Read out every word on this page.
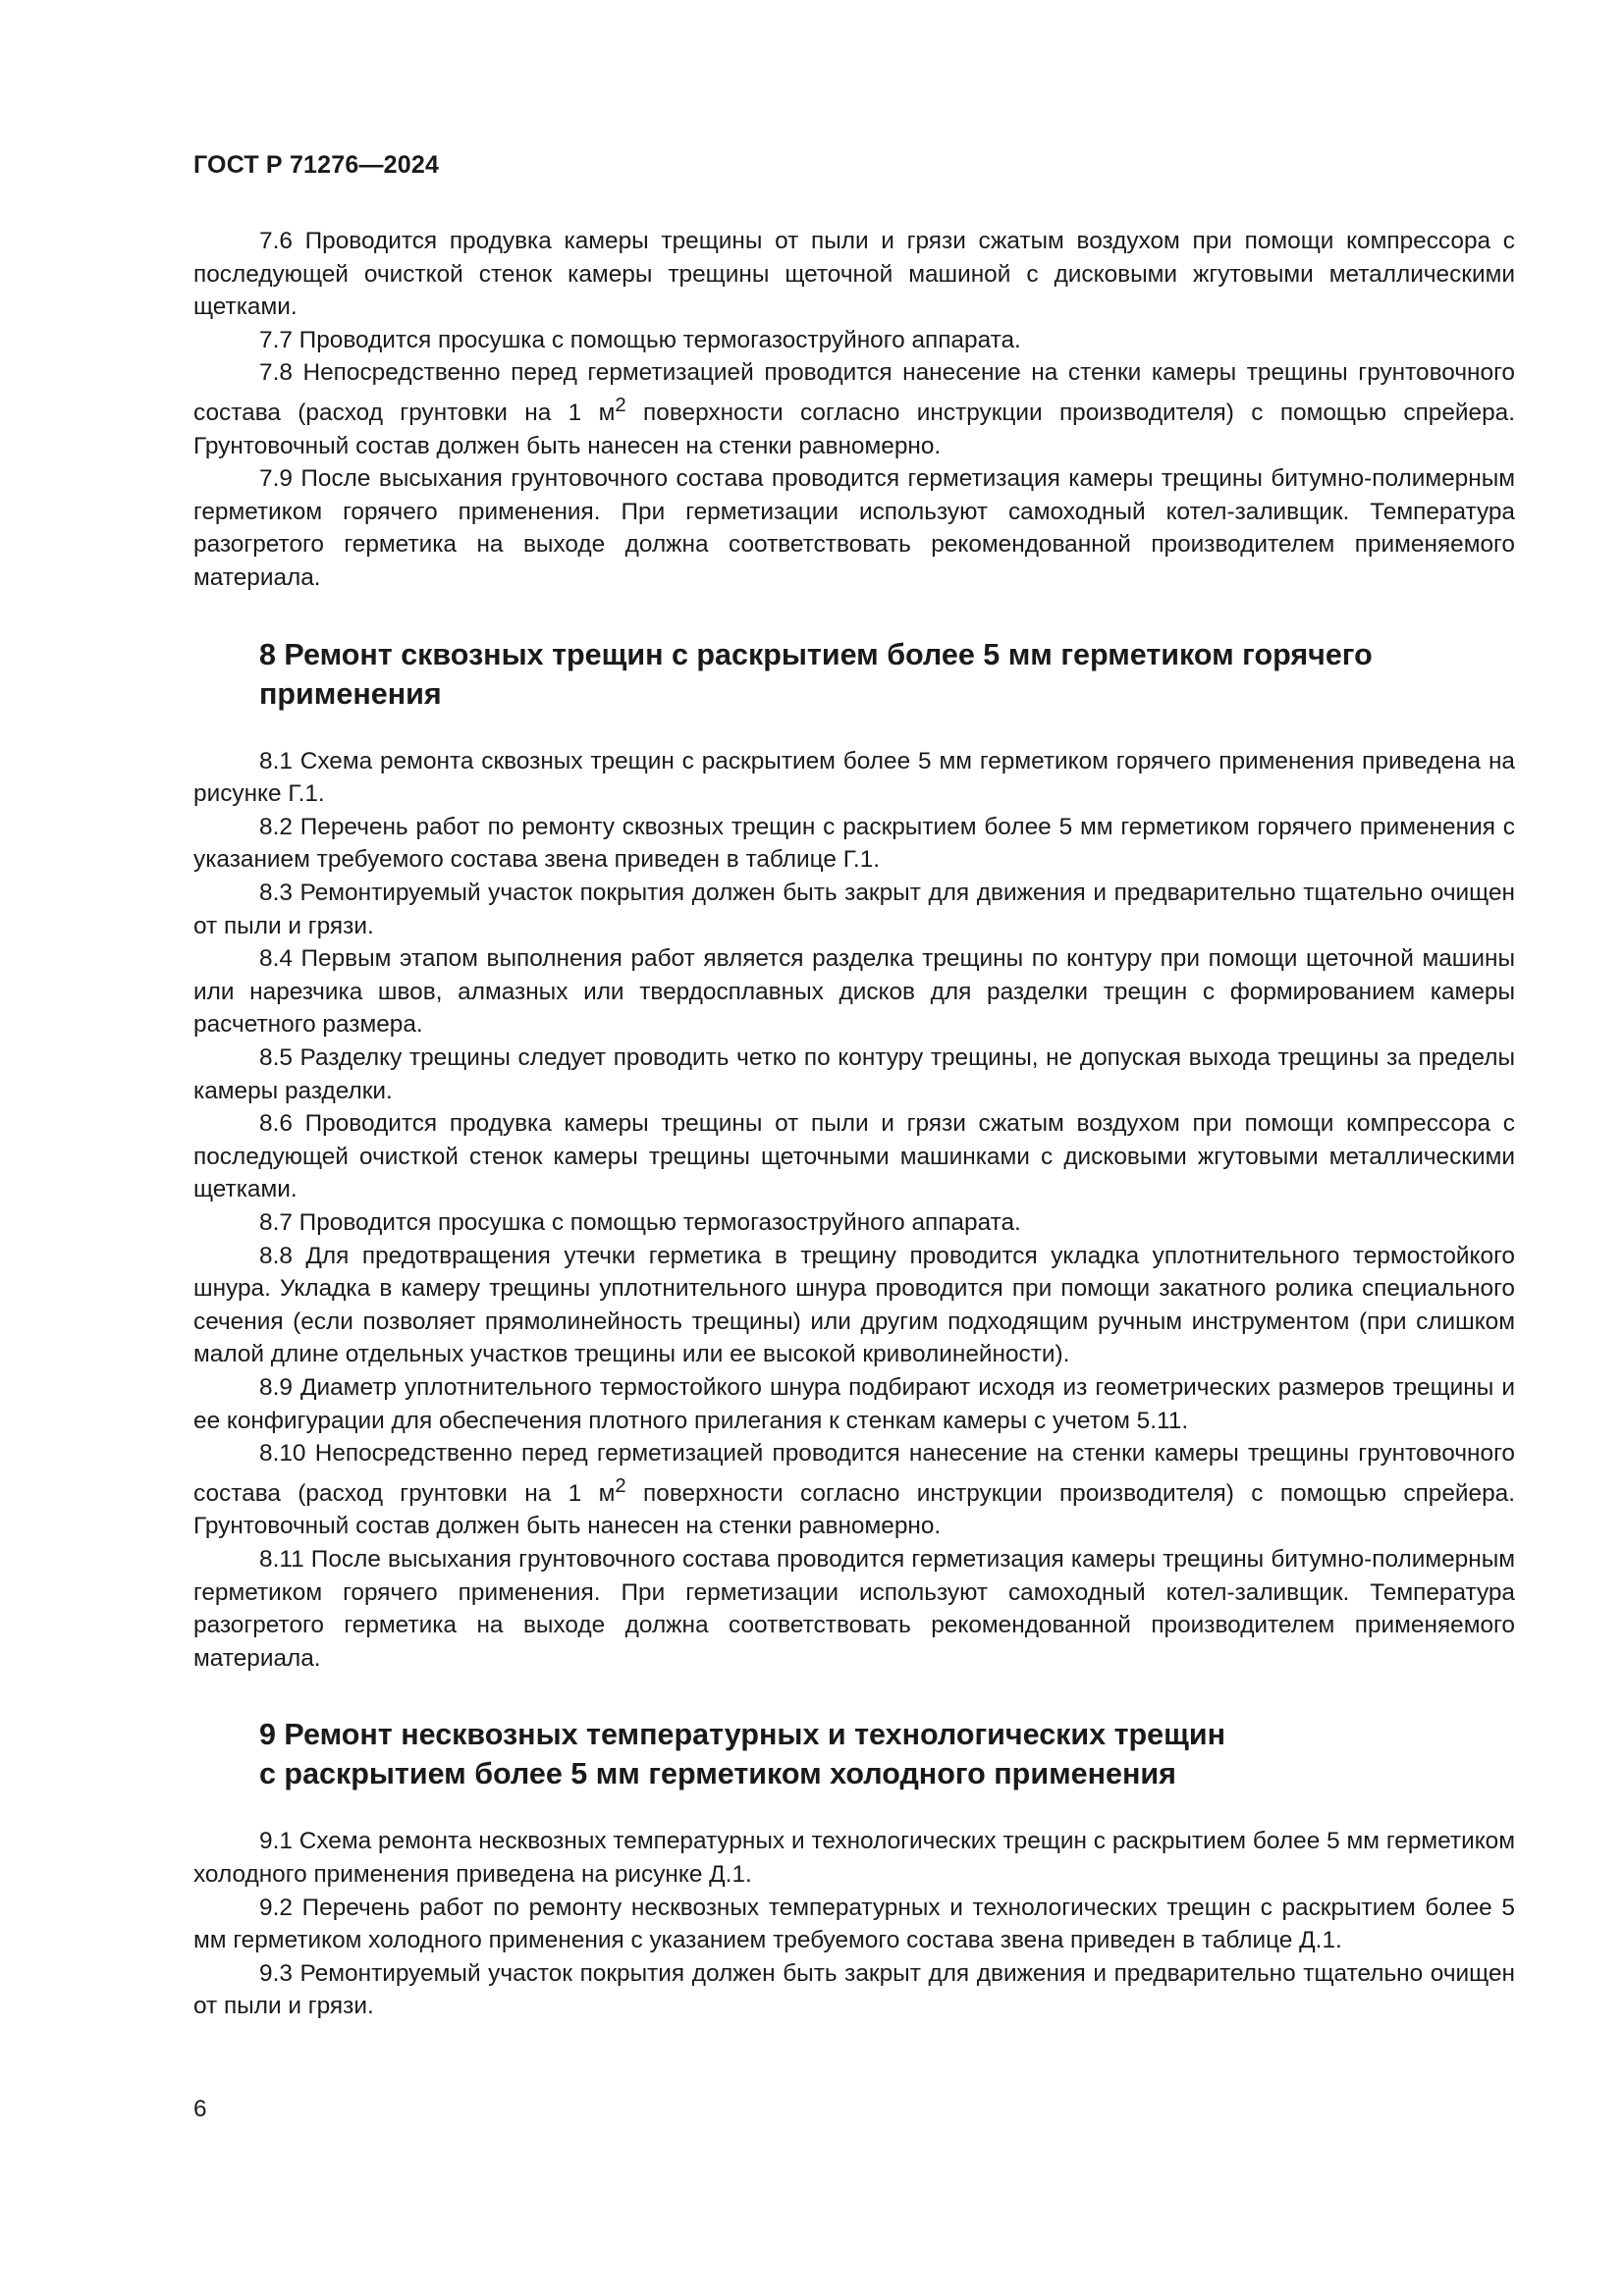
ГОСТ Р 71276—2024

7.6 Проводится продувка камеры трещины от пыли и грязи сжатым воздухом при помощи компрессора с последующей очисткой стенок камеры трещины щеточной машиной с дисковыми жгутовыми металлическими щетками.

7.7 Проводится просушка с помощью термогазоструйного аппарата.

7.8 Непосредственно перед герметизацией проводится нанесение на стенки камеры трещины грунтовочного состава (расход грунтовки на 1 $м^2$ поверхности согласно инструкции производителя) с помощью спрейера. Грунтовочный состав должен быть нанесен на стенки равномерно.

7.9 После высыхания грунтовочного состава проводится герметизация камеры трещины битумно-полимерным герметиком горячего применения. При герметизации используют самоходный котел-заливщик. Температура разогретого герметика на выходе должна соответствовать рекомендованной производителем применяемого материала.

8 Ремонт сквозных трещин с раскрытием более 5 мм герметиком горячего
применения

8.1 Схема ремонта сквозных трещин с раскрытием более 5 мм герметиком горячего применения приведена на рисунке Г.1.

8.2 Перечень работ по ремонту сквозных трещин с раскрытием более 5 мм герметиком горячего применения с указанием требуемого состава звена приведен в таблице Г.1.

8.3 Ремонтируемый участок покрытия должен быть закрыт для движения и предварительно тщательно очищен от пыли и грязи.

8.4 Первым этапом выполнения работ является разделка трещины по контуру при помощи щеточной машины или нарезчика швов, алмазных или твердосплавных дисков для разделки трещин с формированием камеры расчетного размера.

8.5 Разделку трещины следует проводить четко по контуру трещины, не допуская выхода трещины за пределы камеры разделки.

8.6 Проводится продувка камеры трещины от пыли и грязи сжатым воздухом при помощи компрессора с последующей очисткой стенок камеры трещины щеточными машинками с дисковыми жгутовыми металлическими щетками.

8.7 Проводится просушка с помощью термогазоструйного аппарата.

8.8 Для предотвращения утечки герметика в трещину проводится укладка уплотнительного термостойкого шнура. Укладка в камеру трещины уплотнительного шнура проводится при помощи закатного ролика специального сечения (если позволяет прямолинейность трещины) или другим подходящим ручным инструментом (при слишком малой длине отдельных участков трещины или ее высокой криволинейности).

8.9 Диаметр уплотнительного термостойкого шнура подбирают исходя из геометрических размеров трещины и ее конфигурации для обеспечения плотного прилегания к стенкам камеры с учетом 5.11.

8.10 Непосредственно перед герметизацией проводится нанесение на стенки камеры трещины грунтовочного состава (расход грунтовки на 1 $м^2$ поверхности согласно инструкции производителя) с помощью спрейера. Грунтовочный состав должен быть нанесен на стенки равномерно.

8.11 После высыхания грунтовочного состава проводится герметизация камеры трещины битумно-полимерным герметиком горячего применения. При герметизации используют самоходный котел-заливщик. Температура разогретого герметика на выходе должна соответствовать рекомендованной производителем применяемого материала.

9 Ремонт несквозных температурных и технологических трещин
с раскрытием более 5 мм герметиком холодного применения

9.1 Схема ремонта несквозных температурных и технологических трещин с раскрытием более 5 мм герметиком холодного применения приведена на рисунке Д.1.

9.2 Перечень работ по ремонту несквозных температурных и технологических трещин с раскрытием более 5 мм герметиком холодного применения с указанием требуемого состава звена приведен в таблице Д.1.

9.3 Ремонтируемый участок покрытия должен быть закрыт для движения и предварительно тщательно очищен от пыли и грязи.

6
